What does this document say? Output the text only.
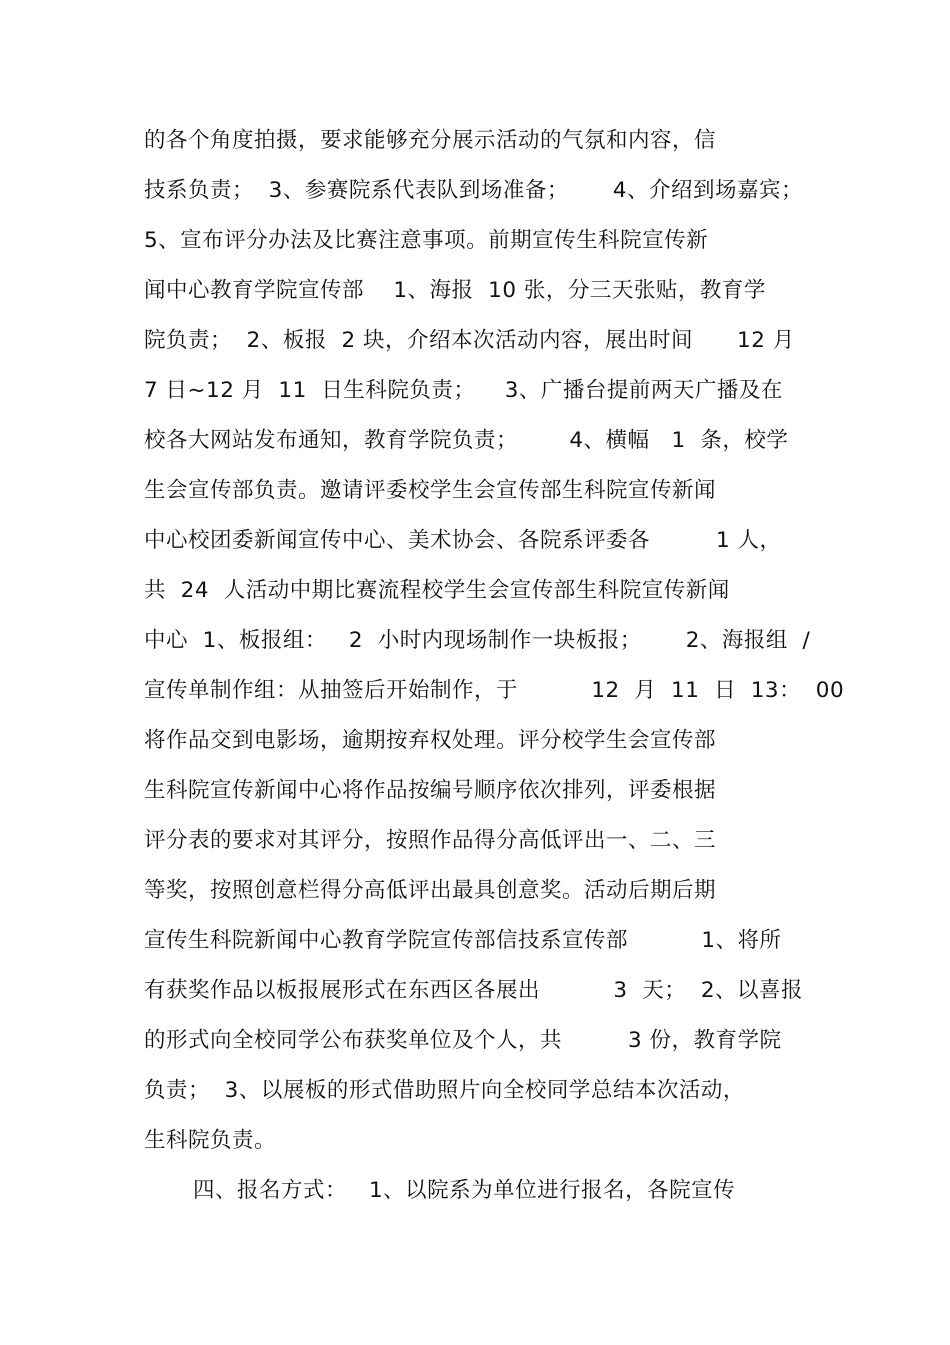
的各个角度拍摄，要求能够充分展示活动的气氛和内容，信
技系负责；  3、参赛院系代表队到场准备；      4、介绍到场嘉宾；
5、宣布评分办法及比赛注意事项。前期宣传生科院宣传新
闻中心教育学院宣传部    1、海报  10 张，分三天张贴，教育学
院负责；  2、板报  2 块，介绍本次活动内容，展出时间      12 月
7 日~12 月  11  日生科院负责；    3、广播台提前两天广播及在
校各大网站发布通知，教育学院负责；       4、横幅   1  条，校学
生会宣传部负责。邀请评委校学生会宣传部生科院宣传新闻
中心校团委新闻宣传中心、美术协会、各院系评委各         1 人，
共  24  人活动中期比赛流程校学生会宣传部生科院宣传新闻
中心  1、板报组：   2  小时内现场制作一块板报；      2、海报组  /
宣传单制作组：从抽签后开始制作，于          12  月  11  日  13：  00
将作品交到电影场，逾期按弃权处理。评分校学生会宣传部
生科院宣传新闻中心将作品按编号顺序依次排列，评委根据
评分表的要求对其评分，按照作品得分高低评出一、二、三
等奖，按照创意栏得分高低评出最具创意奖。活动后期后期
宣传生科院新闻中心教育学院宣传部信技系宣传部          1、将所
有获奖作品以板报展形式在东西区各展出          3  天；  2、以喜报
的形式向全校同学公布获奖单位及个人，共         3 份，教育学院
负责；  3、以展板的形式借助照片向全校同学总结本次活动，
生科院负责。
四、报名方式：   1、以院系为单位进行报名，各院宣传
